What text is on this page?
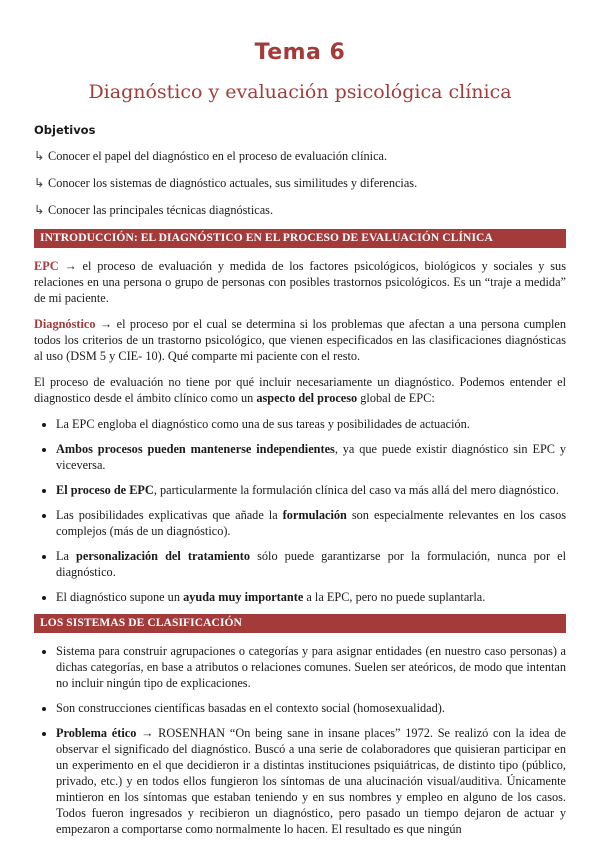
Tema 6
Diagnóstico y evaluación psicológica clínica
Objetivos
↳ Conocer el papel del diagnóstico en el proceso de evaluación clínica.
↳ Conocer los sistemas de diagnóstico actuales, sus similitudes y diferencias.
↳ Conocer las principales técnicas diagnósticas.
INTRODUCCIÓN: EL DIAGNÓSTICO EN EL PROCESO DE EVALUACIÓN CLÍNICA

EPC → el proceso de evaluación y medida de los factores psicológicos, biológicos y sociales y sus relaciones en una persona o grupo de personas con posibles trastornos psicológicos. Es un “traje a medida” de mi paciente.

Diagnóstico → el proceso por el cual se determina si los problemas que afectan a una persona cumplen todos los criterios de un trastorno psicológico, que vienen especificados en las clasificaciones diagnósticas al uso (DSM 5 y CIE- 10). Qué comparte mi paciente con el resto.

El proceso de evaluación no tiene por qué incluir necesariamente un diagnóstico. Podemos entender el diagnostico desde el ámbito clínico como un aspecto del proceso global de EPC:

• La EPC engloba el diagnóstico como una de sus tareas y posibilidades de actuación.
• Ambos procesos pueden mantenerse independientes, ya que puede existir diagnóstico sin EPC y viceversa.
• El proceso de EPC, particularmente la formulación clínica del caso va más allá del mero diagnóstico.
• Las posibilidades explicativas que añade la formulación son especialmente relevantes en los casos complejos (más de un diagnóstico).
• La personalización del tratamiento sólo puede garantizarse por la formulación, nunca por el diagnóstico.
• El diagnóstico supone un ayuda muy importante a la EPC, pero no puede suplantarla.
LOS SISTEMAS DE CLASIFICACIÓN
• Sistema para construir agrupaciones o categorías y para asignar entidades (en nuestro caso personas) a dichas categorías, en base a atributos o relaciones comunes. Suelen ser ateóricos, de modo que intentan no incluir ningún tipo de explicaciones.
• Son construcciones científicas basadas en el contexto social (homosexualidad).
• Problema ético → ROSENHAN “On being sane in insane places” 1972. Se realizó con la idea de observar el significado del diagnóstico. Buscó a una serie de colaboradores que quisieran participar en un experimento en el que decidieron ir a distintas instituciones psiquiátricas, de distinto tipo (público, privado, etc.) y en todos ellos fungieron los síntomas de una alucinación visual/auditiva. Únicamente mintieron en los síntomas que estaban teniendo y en sus nombres y empleo en alguno de los casos. Todos fueron ingresados y recibieron un diagnóstico, pero pasado un tiempo dejaron de actuar y empezaron a comportarse como normalmente lo hacen. El resultado es que ningún
